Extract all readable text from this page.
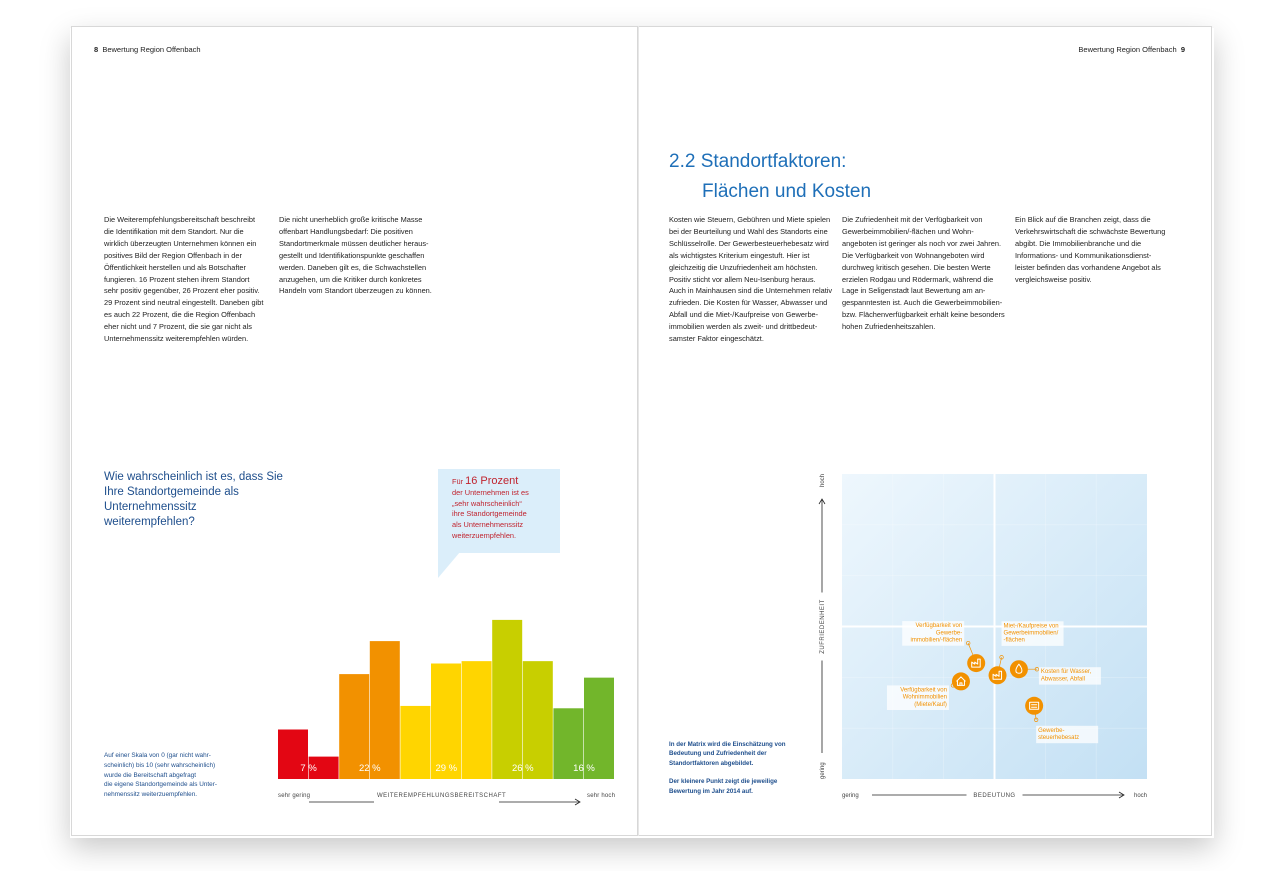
8 Bewertung Region Offenbach
Die Weiterempfehlungsbereitschaft beschreibt
die Identifikation mit dem Standort. Nur die
wirklich überzeugten Unternehmen können ein
positives Bild der Region Offenbach in der
Öffentlichkeit herstellen und als Botschafter
fungieren. 16 Prozent stehen ihrem Standort
sehr positiv gegenüber, 26 Prozent eher positiv.
29 Prozent sind neutral eingestellt. Daneben gibt
es auch 22 Prozent, die die Region Offenbach
eher nicht und 7 Prozent, die sie gar nicht als
Unternehmenssitz weiterempfehlen würden.
Die nicht unerheblich große kritische Masse
offenbart Handlungsbedarf: Die positiven
Standortmerkmale müssen deutlicher heraus-
gestellt und Identifikationspunkte geschaffen
werden. Daneben gilt es, die Schwachstellen
anzugehen, um die Kritiker durch konkretes
Handeln vom Standort überzeugen zu können.
Wie wahrscheinlich ist es, dass Sie Ihre Standortgemeinde als Unternehmenssitz weiterempfehlen?
Für 16 Prozent
der Unternehmen ist es
„sehr wahrscheinlich“
ihre Standortgemeinde
als Unternehmenssitz
weiterzuempfehlen.
Auf einer Skala von 0 (gar nicht wahr-
scheinlich) bis 10 (sehr wahrscheinlich)
wurde die Bereitschaft abgefragt
die eigene Standortgemeinde als Unter-
nehmenssitz weiterzuempfehlen.
7 %	22 %	29 %	26 %	16 %
sehr gering	WEITEREMPFEHLUNGSBEREITSCHAFT	sehr hoch
Bewertung Region Offenbach 9
2.2 Standortfaktoren:
Flächen und Kosten
Kosten wie Steuern, Gebühren und Miete spielen
bei der Beurteilung und Wahl des Standorts eine
Schlüsselrolle. Der Gewerbesteuerhebesatz wird
als wichtigstes Kriterium eingestuft. Hier ist
gleichzeitig die Unzufriedenheit am höchsten.
Positiv sticht vor allem Neu-Isenburg heraus.
Auch in Mainhausen sind die Unternehmen relativ
zufrieden. Die Kosten für Wasser, Abwasser und
Abfall und die Miet-/Kaufpreise von Gewerbe-
immobilien werden als zweit- und drittbedeut-
samster Faktor eingeschätzt.
Die Zufriedenheit mit der Verfügbarkeit von
Gewerbeimmobilien/-flächen und Wohn-
angeboten ist geringer als noch vor zwei Jahren.
Die Verfügbarkeit von Wohnangeboten wird
durchweg kritisch gesehen. Die besten Werte
erzielen Rodgau und Rödermark, während die
Lage in Seligenstadt laut Bewertung am an-
gespanntesten ist. Auch die Gewerbeimmobilien-
bzw. Flächenverfügbarkeit erhält keine besonders
hohen Zufriedenheitszahlen.
Ein Blick auf die Branchen zeigt, dass die
Verkehrswirtschaft die schwächste Bewertung
abgibt. Die Immobilienbranche und die
Informations- und Kommunikationsdienst-
leister befinden das vorhandene Angebot als
vergleichsweise positiv.

In der Matrix wird die Einschätzung von Bedeutung und Zufriedenheit der Standortfaktoren abgebildet.

Der kleinere Punkt zeigt die jeweilige Bewertung im Jahr 2014 auf.

gering	BEDEUTUNG	hoch
gering
ZUFRIEDENHEIT
hoch
Verfügbarkeit von
Gewerbe-
immobilien/-flächen
Verfügbarkeit von
Wohnimmobilien
(Miete/Kauf)
Miet-/Kaufpreise von
Gewerbeimmobilien/
-flächen
Kosten für Wasser,
Abwasser, Abfall
Gewerbe-
steuerhebesatz
